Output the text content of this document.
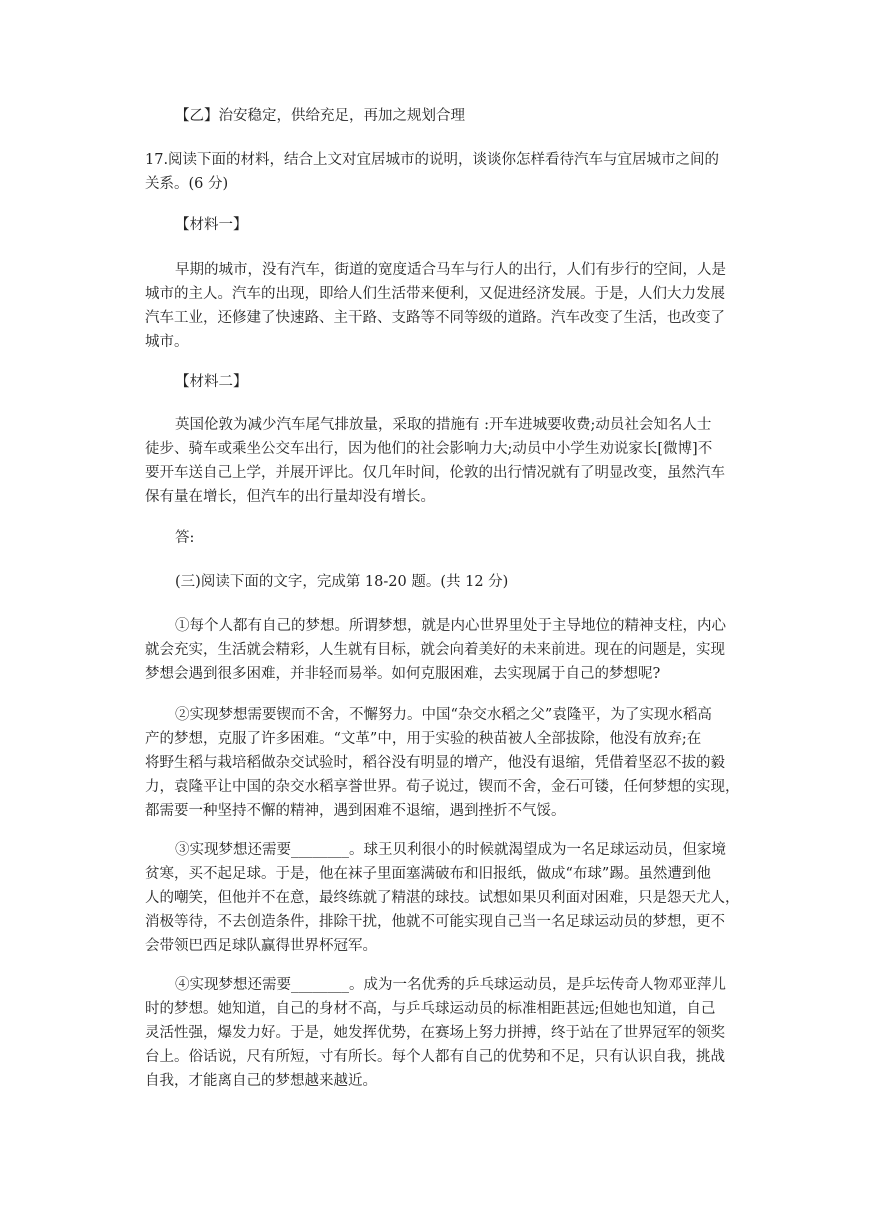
【乙】治安稳定，供给充足，再加之规划合理

17.阅读下面的材料，结合上文对宜居城市的说明，谈谈你怎样看待汽车与宜居城市之间的

关系。(6 分)

【材料一】

早期的城市，没有汽车，街道的宽度适合马车与行人的出行，人们有步行的空间，人是

城市的主人。汽车的出现，即给人们生活带来便利，又促进经济发展。于是，人们大力发展

汽车工业，还修建了快速路、主干路、支路等不同等级的道路。汽车改变了生活，也改变了

城市。

【材料二】

英国伦敦为减少汽车尾气排放量，采取的措施有 :开车进城要收费;动员社会知名人士

徒步、骑车或乘坐公交车出行，因为他们的社会影响力大;动员中小学生劝说家长[微博]不

要开车送自己上学，并展开评比。仅几年时间，伦敦的出行情况就有了明显改变，虽然汽车

保有量在增长，但汽车的出行量却没有增长。

答:

(三)阅读下面的文字，完成第 18-20 题。(共 12 分)

①每个人都有自己的梦想。所谓梦想，就是内心世界里处于主导地位的精神支柱，内心

就会充实，生活就会精彩，人生就有目标，就会向着美好的未来前进。现在的问题是，实现

梦想会遇到很多困难，并非轻而易举。如何克服困难，去实现属于自己的梦想呢?

②实现梦想需要锲而不舍，不懈努力。中国“杂交水稻之父”袁隆平，为了实现水稻高

产的梦想，克服了许多困难。“文革”中，用于实验的秧苗被人全部拔除，他没有放弃;在

将野生稻与栽培稻做杂交试验时，稻谷没有明显的增产，他没有退缩，凭借着坚忍不拔的毅

力，袁隆平让中国的杂交水稻享誉世界。荀子说过，锲而不舍，金石可镂，任何梦想的实现，

都需要一种坚持不懈的精神，遇到困难不退缩，遇到挫折不气馁。

③实现梦想还需要________。球王贝利很小的时候就渴望成为一名足球运动员，但家境

贫寒，买不起足球。于是，他在袜子里面塞满破布和旧报纸，做成“布球”踢。虽然遭到他

人的嘲笑，但他并不在意，最终练就了精湛的球技。试想如果贝利面对困难，只是怨天尤人，

消极等待，不去创造条件，排除干扰，他就不可能实现自己当一名足球运动员的梦想，更不

会带领巴西足球队赢得世界杯冠军。

④实现梦想还需要________。成为一名优秀的乒乓球运动员，是乒坛传奇人物邓亚萍儿

时的梦想。她知道，自己的身材不高，与乒乓球运动员的标准相距甚远;但她也知道，自己

灵活性强，爆发力好。于是，她发挥优势，在赛场上努力拼搏，终于站在了世界冠军的领奖

台上。俗话说，尺有所短，寸有所长。每个人都有自己的优势和不足，只有认识自我，挑战

自我，才能离自己的梦想越来越近。
